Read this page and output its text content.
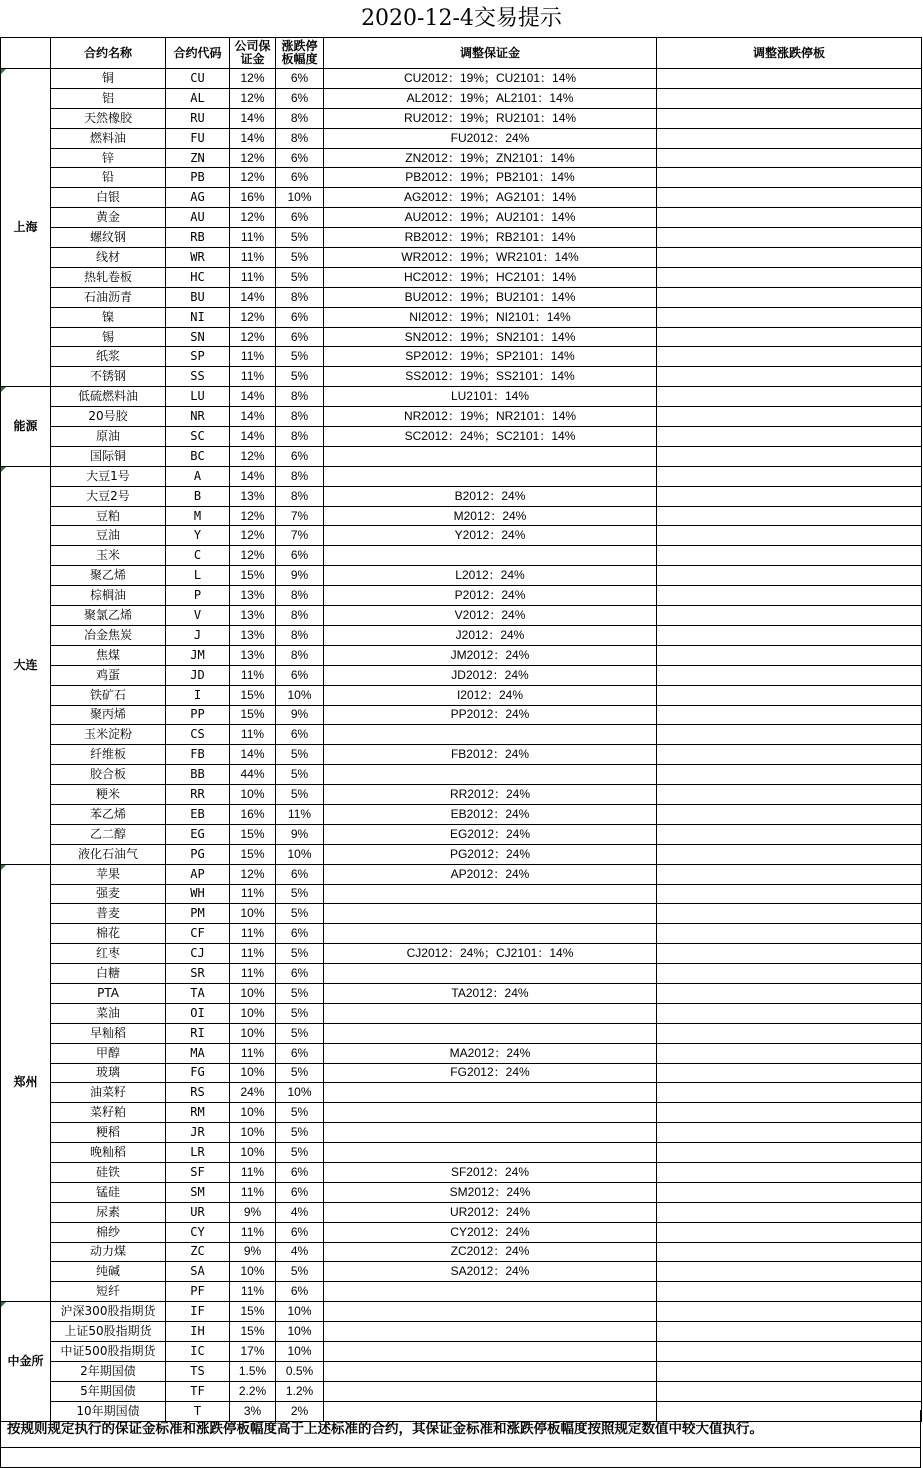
2020-12-4交易提示
	合约名称	合约代码	公司保证金	涨跌停板幅度	调整保证金	调整涨跌停板
上海	铜	CU	12%	6%	CU2012：19%；CU2101：14%	
	铝	AL	12%	6%	AL2012：19%；AL2101：14%	
	天然橡胶	RU	14%	8%	RU2012：19%；RU2101：14%	
	燃料油	FU	14%	8%	FU2012：24%	
	锌	ZN	12%	6%	ZN2012：19%；ZN2101：14%	
	铅	PB	12%	6%	PB2012：19%；PB2101：14%	
	白银	AG	16%	10%	AG2012：19%；AG2101：14%	
	黄金	AU	12%	6%	AU2012：19%；AU2101：14%	
	螺纹钢	RB	11%	5%	RB2012：19%；RB2101：14%	
	线材	WR	11%	5%	WR2012：19%；WR2101：14%	
	热轧卷板	HC	11%	5%	HC2012：19%；HC2101：14%	
	石油沥青	BU	14%	8%	BU2012：19%；BU2101：14%	
	镍	NI	12%	6%	NI2012：19%；NI2101：14%	
	锡	SN	12%	6%	SN2012：19%；SN2101：14%	
	纸浆	SP	11%	5%	SP2012：19%；SP2101：14%	
	不锈钢	SS	11%	5%	SS2012：19%；SS2101：14%	
能源	低硫燃料油	LU	14%	8%	LU2101：14%	
	20号胶	NR	14%	8%	NR2012：19%；NR2101：14%	
	原油	SC	14%	8%	SC2012：24%；SC2101：14%	
	国际铜	BC	12%	6%		
大连	大豆1号	A	14%	8%		
	大豆2号	B	13%	8%	B2012：24%	
	豆粕	M	12%	7%	M2012：24%	
	豆油	Y	12%	7%	Y2012：24%	
	玉米	C	12%	6%		
	聚乙烯	L	15%	9%	L2012：24%	
	棕榈油	P	13%	8%	P2012：24%	
	聚氯乙烯	V	13%	8%	V2012：24%	
	冶金焦炭	J	13%	8%	J2012：24%	
	焦煤	JM	13%	8%	JM2012：24%	
	鸡蛋	JD	11%	6%	JD2012：24%	
	铁矿石	I	15%	10%	I2012：24%	
	聚丙烯	PP	15%	9%	PP2012：24%	
	玉米淀粉	CS	11%	6%		
	纤维板	FB	14%	5%	FB2012：24%	
	胶合板	BB	44%	5%		
	粳米	RR	10%	5%	RR2012：24%	
	苯乙烯	EB	16%	11%	EB2012：24%	
	乙二醇	EG	15%	9%	EG2012：24%	
	液化石油气	PG	15%	10%	PG2012：24%	
郑州	苹果	AP	12%	6%	AP2012：24%	
	强麦	WH	11%	5%		
	普麦	PM	10%	5%		
	棉花	CF	11%	6%		
	红枣	CJ	11%	5%	CJ2012：24%；CJ2101：14%	
	白糖	SR	11%	6%		
	PTA	TA	10%	5%	TA2012：24%	
	菜油	OI	10%	5%		
	早籼稻	RI	10%	5%		
	甲醇	MA	11%	6%	MA2012：24%	
	玻璃	FG	10%	5%	FG2012：24%	
	油菜籽	RS	24%	10%		
	菜籽粕	RM	10%	5%		
	粳稻	JR	10%	5%		
	晚籼稻	LR	10%	5%		
	硅铁	SF	11%	6%	SF2012：24%	
	锰硅	SM	11%	6%	SM2012：24%	
	尿素	UR	9%	4%	UR2012：24%	
	棉纱	CY	11%	6%	CY2012：24%	
	动力煤	ZC	9%	4%	ZC2012：24%	
	纯碱	SA	10%	5%	SA2012：24%	
	短纤	PF	11%	6%		
中金所	沪深300股指期货	IF	15%	10%		
	上证50股指期货	IH	15%	10%		
	中证500股指期货	IC	17%	10%		
	2年期国债	TS	1.5%	0.5%		
	5年期国债	TF	2.2%	1.2%		
	10年期国债	T	3%	2%		
按规则规定执行的保证金标准和涨跌停板幅度高于上述标准的合约，其保证金标准和涨跌停板幅度按照规定数值中较大值执行。
